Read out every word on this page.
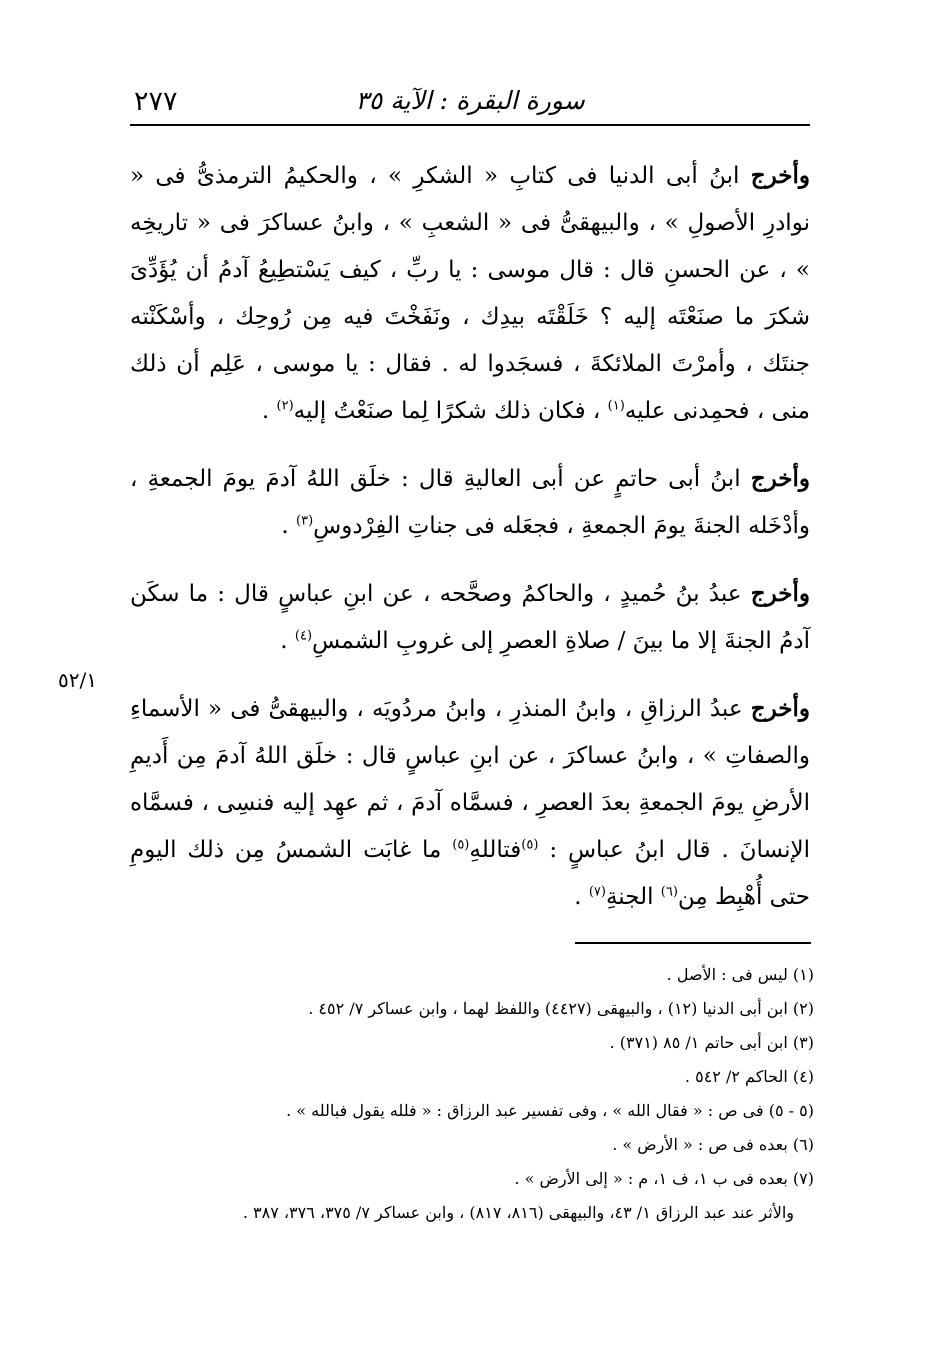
٢٧٧	سورة البقرة : الآية ٣٥

وأخرج ابنُ أبى الدنيا فى كتابِ « الشكرِ » ، والحكيمُ الترمذىُّ فى « نوادرِ الأصولِ » ، والبيهقىُّ فى « الشعبِ » ، وابنُ عساكرَ فى « تاريخِه » ، عن الحسنِ قال : قال موسى : يا ربِّ ، كيف يَسْتطِيعُ آدمُ أن يُؤَدِّىَ شكرَ ما صنَعْتَه إليه ؟ خَلَقْتَه بيدِك ، ونَفَخْتَ فيه مِن رُوحِك ، وأسْكَنْته جنتَك ، وأمرْتَ الملائكةَ ، فسجَدوا له . فقال : يا موسى ، عَلِم أن ذلك منى ، فحمِدنى عليه$^{(١)}$ ، فكان ذلك شكرًا لِما صنَعْتُ إليه$^{(٢)}$ .

وأخرج ابنُ أبى حاتمٍ عن أبى العاليةِ قال : خلَق اللهُ آدمَ يومَ الجمعةِ ، وأدْخَله الجنةَ يومَ الجمعةِ ، فجعَله فى جناتِ الفِرْدوسِ$^{(٣)}$ .

وأخرج عبدُ بنُ حُميدٍ ، والحاكمُ وصحَّحه ، عن ابنِ عباسٍ قال : ما سكَن آدمُ الجنةَ إلا ما بينَ / صلاةِ العصرِ إلى غروبِ الشمسِ$^{(٤)}$ .

وأخرج عبدُ الرزاقِ ، وابنُ المنذرِ ، وابنُ مردُويَه ، والبيهقىُّ فى « الأسماءِ والصفاتِ » ، وابنُ عساكرَ ، عن ابنِ عباسٍ قال : خلَق اللهُ آدمَ مِن أَديمِ الأرضِ يومَ الجمعةِ بعدَ العصرِ ، فسمَّاه آدمَ ، ثم عهِد إليه فنسِى ، فسمَّاه الإنسانَ . قال ابنُ عباسٍ : $^{(٥)}$فتاللهِ$^{(٥)}$ ما غابَت الشمسُ مِن ذلك اليومِ حتى أُهْبِط مِن$^{(٦)}$ الجنةِ$^{(٧)}$ .

٥٢/١
(١) ليس فى : الأصل .
(٢) ابن أبى الدنيا (١٢) ، والبيهقى (٤٤٢٧) واللفظ لهما ، وابن عساكر ٧/ ٤٥٢ .
(٣) ابن أبى حاتم ١/ ٨٥ (٣٧١) .
(٤) الحاكم ٢/ ٥٤٢ .
(٥ - ٥) فى ص : « فقال الله » ، وفى تفسير عبد الرزاق : « فلله يقول فبالله » .
(٦) بعده فى ص : « الأرض » .
(٧) بعده فى ب ١، ف ١، م : « إلى الأرض » .
والأثر عند عبد الرزاق ١/ ٤٣، والبيهقى (٨١٦، ٨١٧) ، وابن عساكر ٧/ ٣٧٥، ٣٧٦، ٣٨٧ .
